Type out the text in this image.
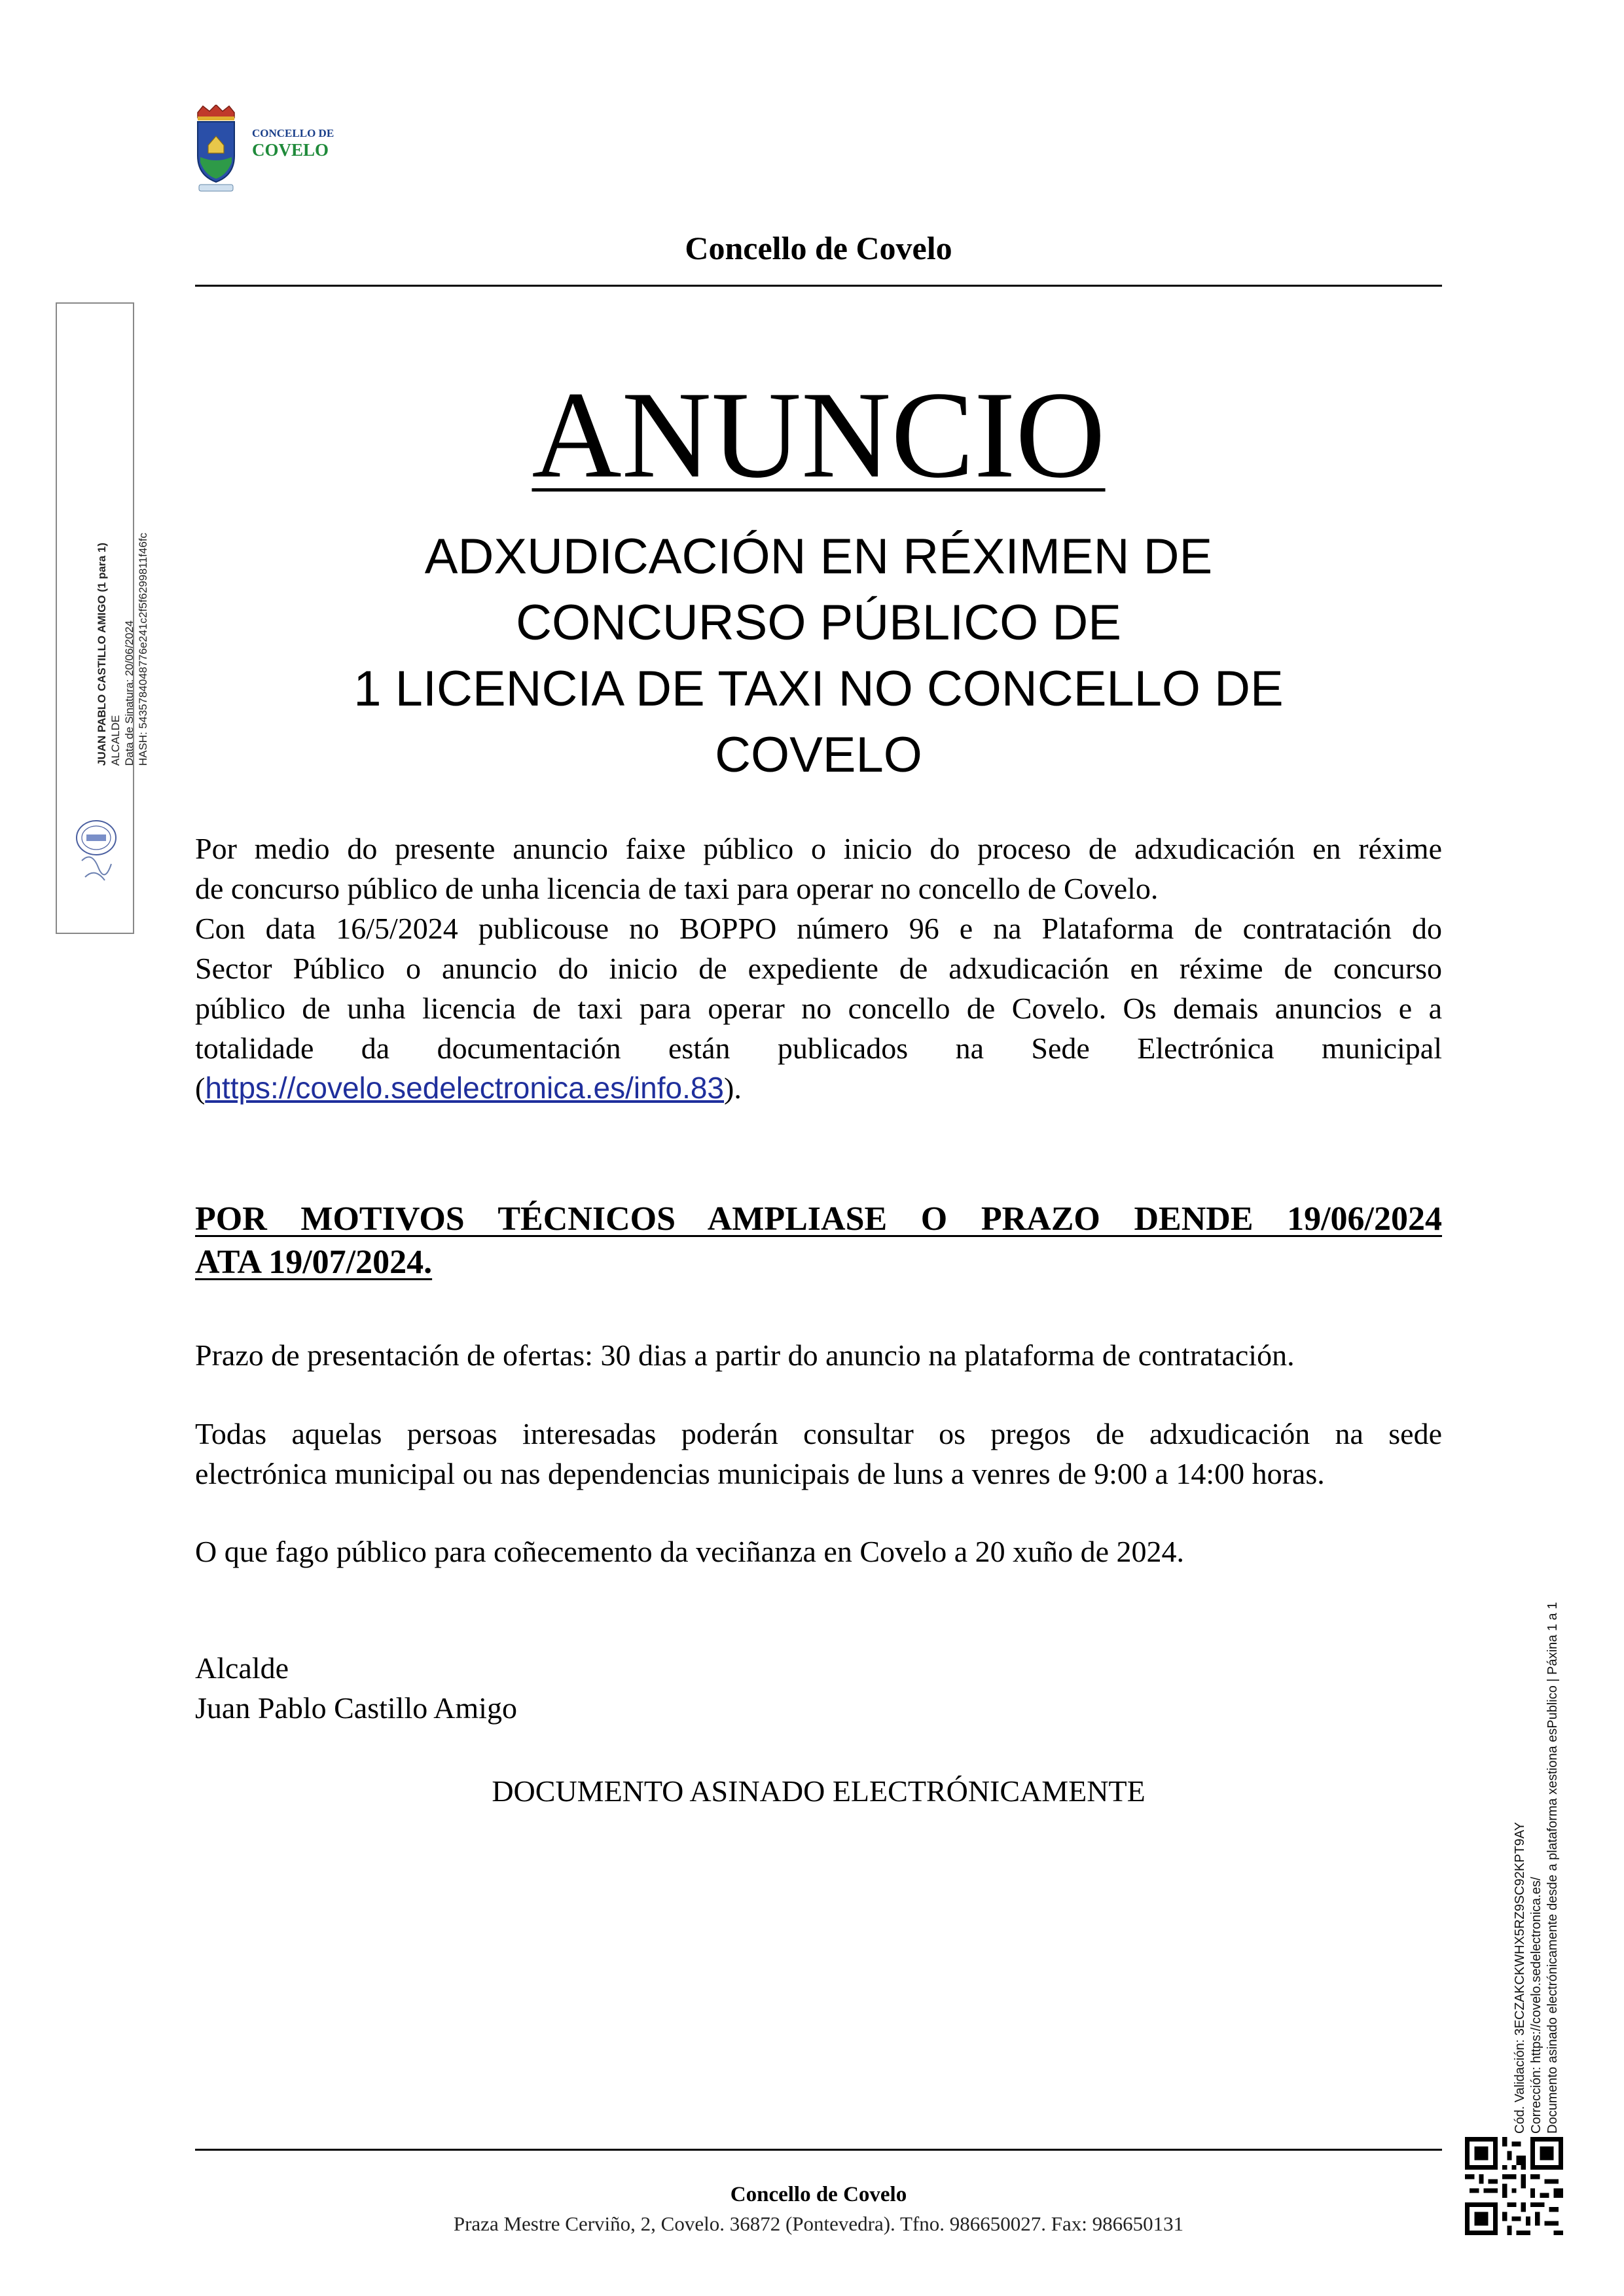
CONCELLO DE
COVELO
Concello de Covelo
JUAN PABLO CASTILLO AMIGO (1 para 1) ALCALDE Data de Sinatura: 20/06/2024 HASH: 5435784048776e241c2f5f6299811f46fc
ANUNCIO
ADXUDICACIÓN EN RÉXIMEN DE
CONCURSO PÚBLICO DE
1 LICENCIA DE TAXI NO CONCELLO DE
COVELO
Por medio do presente anuncio faixe público o inicio do proceso de adxudicación en réxime
de concurso público de unha licencia de taxi para operar no concello de Covelo.
Con data 16/5/2024 publicouse no BOPPO número 96 e na Plataforma de contratación do
Sector Público o anuncio do inicio de expediente de adxudicación en réxime de concurso
público de unha licencia de taxi para operar no concello de Covelo. Os demais anuncios e a
totalidade da documentación están publicados na Sede Electrónica municipal
(https://covelo.sedelectronica.es/info.83).
POR MOTIVOS TÉCNICOS AMPLIASE O PRAZO DENDE 19/06/2024
ATA 19/07/2024.
Prazo de presentación de ofertas: 30 dias a partir do anuncio na plataforma de contratación.
Todas aquelas persoas interesadas poderán consultar os pregos de adxudicación na sede
electrónica municipal ou nas dependencias municipais de luns a venres de 9:00 a 14:00 horas.
O que fago público para coñecemento da veciñanza en Covelo a 20 xuño de 2024.
Alcalde
Juan Pablo Castillo Amigo
DOCUMENTO ASINADO ELECTRÓNICAMENTE
Concello de Covelo
Praza Mestre Cerviño, 2, Covelo. 36872 (Pontevedra). Tfno. 986650027. Fax: 986650131
Cód. Validación: 3ECZAKCKWHX5RZ9SC92KPT9AY Corrección: https://covelo.sedelectronica.es/ Documento asinado electrónicamente desde a plataforma xestiona esPublico | Páxina 1 a 1
